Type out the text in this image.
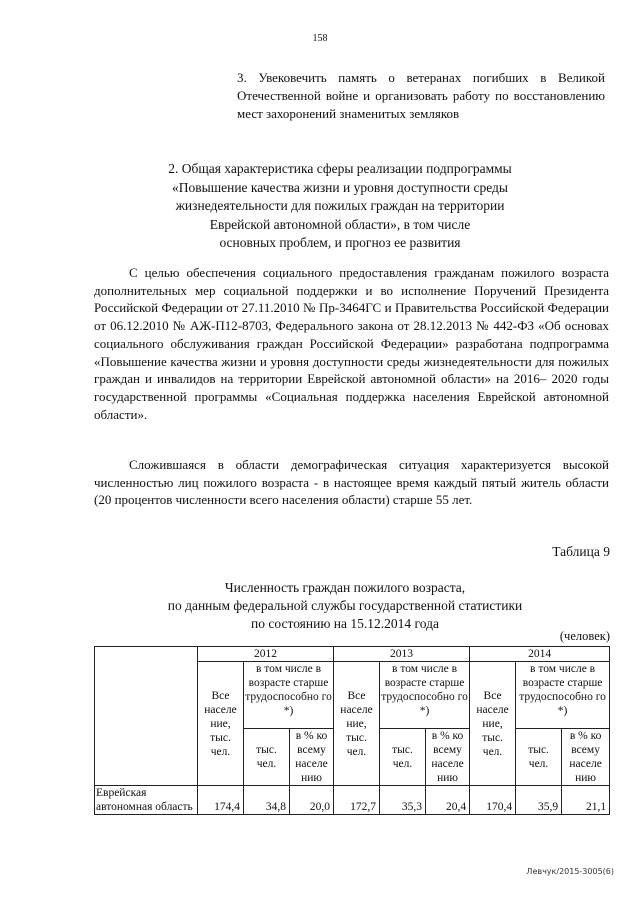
158
3. Увековечить память о ветеранах погибших в Великой Отечественной войне и организовать работу по восстановлению мест захоронений знаменитых земляков
2. Общая характеристика сферы реализации подпрограммы
«Повышение качества жизни и уровня доступности среды
жизнедеятельности для пожилых граждан на территории
Еврейской автономной области», в том числе
основных проблем, и прогноз ее развития

С целью обеспечения социального предоставления гражданам пожилого возраста дополнительных мер социальной поддержки и во исполнение Поручений Президента Российской Федерации от 27.11.2010 № Пр-3464ГС и Правительства Российской Федерации от 06.12.2010 № АЖ-П12-8703, Федерального закона от 28.12.2013 № 442-ФЗ «Об основах социального обслуживания граждан Российской Федерации» разработана подпрограмма «Повышение качества жизни и уровня доступности среды жизнедеятельности для пожилых граждан и инвалидов на территории Еврейской автономной области» на 2016– 2020 годы государственной программы «Социальная поддержка населения Еврейской автономной области».

Сложившаяся в области демографическая ситуация характеризуется высокой численностью лиц пожилого возраста - в настоящее время каждый пятый житель области (20 процентов численности всего населения области) старше 55 лет.

Таблица 9
Численность граждан пожилого возраста,
по данным федеральной службы государственной статистики
по состоянию на 15.12.2014 года
(человек)
	2012			2013			2014		
	Все населе ние, тыс. чел.	в том числе в возрасте старше трудоспособно го *)		Все населе ние, тыс. чел.	в том числе в возрасте старше трудоспособно го *)		Все населе ние, тыс. чел.	в том числе в возрасте старше трудоспособно го *)	
		тыс. чел.	в % ко всему населе нию		тыс. чел.	в % ко всему населе нию		тыс. чел.	в % ко всему населе нию
Еврейская автономная область	174,4	34,8	20,0	172,7	35,3	20,4	170,4	35,9	21,1
Левчук/2015-3005(6)
